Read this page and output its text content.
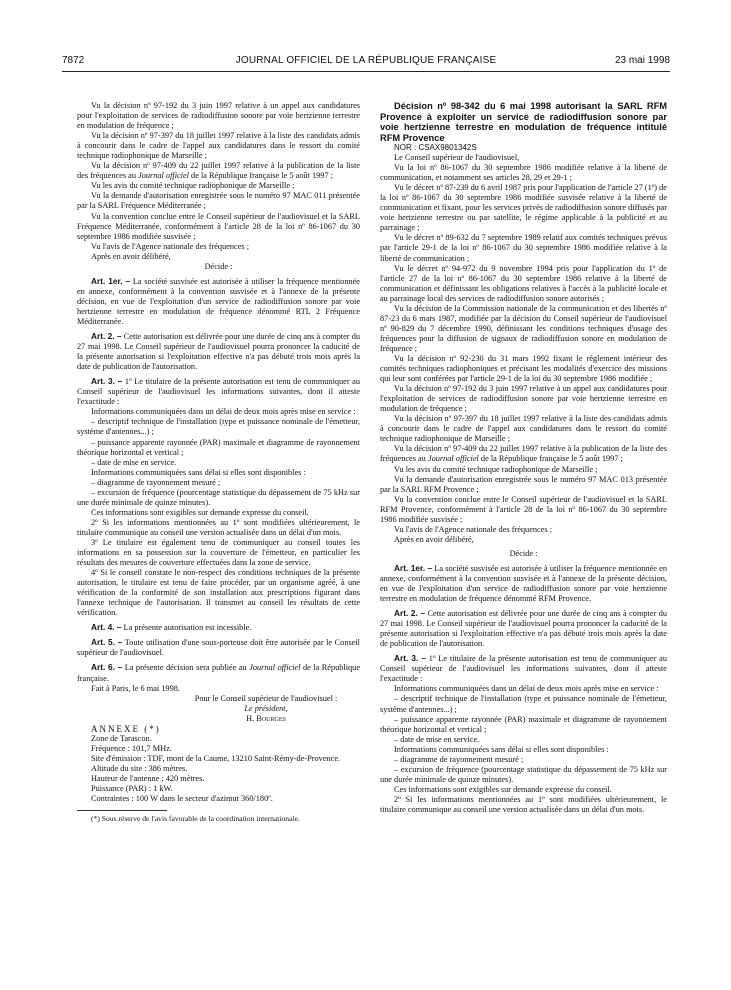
7872	JOURNAL OFFICIEL DE LA RÉPUBLIQUE FRANÇAISE	23 mai 1998

Vu la décision nº 97-192 du 3 juin 1997 relative à un appel aux candidatures pour l'exploitation de services de radiodiffusion sonore par voie hertzienne terrestre en modulation de fréquence ;

Vu la décision nº 97-397 du 18 juillet 1997 relative à la liste des candidats admis à concourir dans le cadre de l'appel aux candidatures dans le ressort du comité technique radiophonique de Marseille ;

Vu la décision nº 97-409 du 22 juillet 1997 relative à la publication de la liste des fréquences au Journal officiel de la République française le 5 août 1997 ;

Vu les avis du comité technique radiophonique de Marseille ;

Vu la demande d'autorisation enregistrée sous le numéro 97 MAC 011 présentée par la SARL Fréquence Méditerranée ;

Vu la convention conclue entre le Conseil supérieur de l'audiovisuel et la SARL Fréquence Méditerranée, conformément à l'article 28 de la loi nº 86-1067 du 30 septembre 1986 modifiée susvisée ;

Vu l'avis de l'Agence nationale des fréquences ;

Après en avoir délibéré,

Décide :

Art. 1er. – La société susvisée est autorisée à utiliser la fréquence mentionnée en annexe, conformément à la convention susvisée et à l'annexe de la présente décision, en vue de l'exploitation d'un service de radiodiffusion sonore par voie hertzienne terrestre en modulation de fréquence dénommé RTL 2 Fréquence Méditerranée.

Art. 2. – Cette autorisation est délivrée pour une durée de cinq ans à compter du 27 mai 1998. Le Conseil supérieur de l'audiovisuel pourra prononcer la caducité de la présente autorisation si l'exploitation effective n'a pas débuté trois mois après la date de publication de l'autorisation.

Art. 3. – 1º Le titulaire de la présente autorisation est tenu de communiquer au Conseil supérieur de l'audiovisuel les informations suivantes, dont il atteste l'exactitude :

Informations communiquées dans un délai de deux mois après mise en service :

– descriptif technique de l'installation (type et puissance nominale de l'émetteur, système d'antennes...) ;

– puissance apparente rayonnée (PAR) maximale et diagramme de rayonnement théorique horizontal et vertical ;

– date de mise en service.

Informations communiquées sans délai si elles sont disponibles :

– diagramme de rayonnement mesuré ;

– excursion de fréquence (pourcentage statistique du dépassement de 75 kHz sur une durée minimale de quinze minutes).

Ces informations sont exigibles sur demande expresse du conseil.

2º Si les informations mentionnées au 1º sont modifiées ultérieurement, le titulaire communique au conseil une version actualisée dans un délai d'un mois.

3º Le titulaire est également tenu de communiquer au conseil toutes les informations en sa possession sur la couverture de l'émetteur, en particulier les résultats des mesures de couverture effectuées dans la zone de service.

4º Si le conseil constate le non-respect des conditions techniques de la présente autorisation, le titulaire est tenu de faire procéder, par un organisme agréé, à une vérification de la conformité de son installation aux prescriptions figurant dans l'annexe technique de l'autorisation. Il transmet au conseil les résultats de cette vérification.

Art. 4. – La présente autorisation est incessible.

Art. 5. – Toute utilisation d'une sous-porteuse doit être autorisée par le Conseil supérieur de l'audiovisuel.

Art. 6. – La présente décision sera publiée au Journal officiel de la République française.

Fait à Paris, le 6 mai 1998.

Pour le Conseil supérieur de l'audiovisuel :

Le président,

H. Bourges

ANNEXE (*)

Zone de Tarascon.

Fréquence : 101,7 MHz.

Site d'émission : TDF, mont de la Caume, 13210 Saint-Rémy-de-Provence.

Altitude du site : 386 mètres.

Hauteur de l'antenne : 420 mètres.

Puissance (PAR) : 1 kW.

Contraintes : 100 W dans le secteur d'azimut 360/180º.

(*) Sous réserve de l'avis favorable de la coordination internationale.

Décision nº 98-342 du 6 mai 1998 autorisant la SARL RFM Provence à exploiter un service de radiodiffusion sonore par voie hertzienne terrestre en modulation de fréquence intitulé RFM Provence

NOR : CSAX9801342S

Le Conseil supérieur de l'audiovisuel,

Vu la loi nº 86-1067 du 30 septembre 1986 modifiée relative à la liberté de communication, et notamment ses articles 28, 29 et 29-1 ;

Vu le décret nº 87-239 du 6 avril 1987 pris pour l'application de l'article 27 (1º) de la loi nº 86-1067 du 30 septembre 1986 modifiée susvisée relative à la liberté de communication et fixant, pour les services privés de radiodiffusion sonore diffusés par voie hertzienne terrestre ou par satellite, le régime applicable à la publicité et au parrainage ;

Vu le décret nº 89-632 du 7 septembre 1989 relatif aux comités techniques prévus par l'article 29-1 de la loi nº 86-1067 du 30 septembre 1986 modifiée relative à la liberté de communication ;

Vu le décret nº 94-972 du 9 novembre 1994 pris pour l'application du 1º de l'article 27 de la loi nº 86-1067 du 30 septembre 1986 relative à la liberté de communication et définissant les obligations relatives à l'accès à la publicité locale et au parrainage local des services de radiodiffusion sonore autorisés ;

Vu la décision de la Commission nationale de la communication et des libertés nº 87-23 du 6 mars 1987, modifiée par la décision du Conseil supérieur de l'audiovisuel nº 90-829 du 7 décembre 1990, définissant les conditions techniques d'usage des fréquences pour la diffusion de signaux de radiodiffusion sonore en modulation de fréquence ;

Vu la décision nº 92-230 du 31 mars 1992 fixant le règlement intérieur des comités techniques radiophoniques et précisant les modalités d'exercice des missions qui leur sont conférées par l'article 29-1 de la loi du 30 septembre 1986 modifiée ;

Vu la décision nº 97-192 du 3 juin 1997 relative à un appel aux candidatures pour l'exploitation de services de radiodiffusion sonore par voie hertzienne terrestre en modulation de fréquence ;

Vu la décision nº 97-397 du 18 juillet 1997 relative à la liste des candidats admis à concourir dans le cadre de l'appel aux candidatures dans le ressort du comité technique radiophonique de Marseille ;

Vu la décision nº 97-409 du 22 juillet 1997 relative à la publication de la liste des fréquences au Journal officiel de la République française le 5 août 1997 ;

Vu les avis du comité technique radiophonique de Marseille ;

Vu la demande d'autorisation enregistrée sous le numéro 97 MAC 013 présentée par la SARL RFM Provence ;

Vu la convention conclue entre le Conseil supérieur de l'audiovisuel et la SARL RFM Provence, conformément à l'article 28 de la loi nº 86-1067 du 30 septembre 1986 modifiée susvisée ;

Vu l'avis de l'Agence nationale des fréquences ;

Après en avoir délibéré,

Décide :

Art. 1er. – La société susvisée est autorisée à utiliser la fréquence mentionnée en annexe, conformément à la convention susvisée et à l'annexe de la présente décision, en vue de l'exploitation d'un service de radiodiffusion sonore par voie hertzienne terrestre en modulation de fréquence dénommé RFM Provence.

Art. 2. – Cette autorisation est délivrée pour une durée de cinq ans à compter du 27 mai 1998. Le Conseil supérieur de l'audiovisuel pourra prononcer la caducité de la présente autorisation si l'exploitation effective n'a pas débuté trois mois après la date de publication de l'autorisation.

Art. 3. – 1º Le titulaire de la présente autorisation est tenu de communiquer au Conseil supérieur de l'audiovisuel les informations suivantes, dont il atteste l'exactitude :

Informations communiquées dans un délai de deux mois après mise en service :

– descriptif technique de l'installation (type et puissance nominale de l'émetteur, système d'antennes...) ;

– puissance apparente rayonnée (PAR) maximale et diagramme de rayonnement théorique horizontal et vertical ;

– date de mise en service.

Informations communiquées sans délai si elles sont disponibles :

– diagramme de rayonnement mesuré ;

– excursion de fréquence (pourcentage statistique du dépassement de 75 kHz sur une durée minimale de quinze minutes).

Ces informations sont exigibles sur demande expresse du conseil.

2º Si les informations mentionnées au 1º sont modifiées ultérieurement, le titulaire communique au conseil une version actualisée dans un délai d'un mois.
